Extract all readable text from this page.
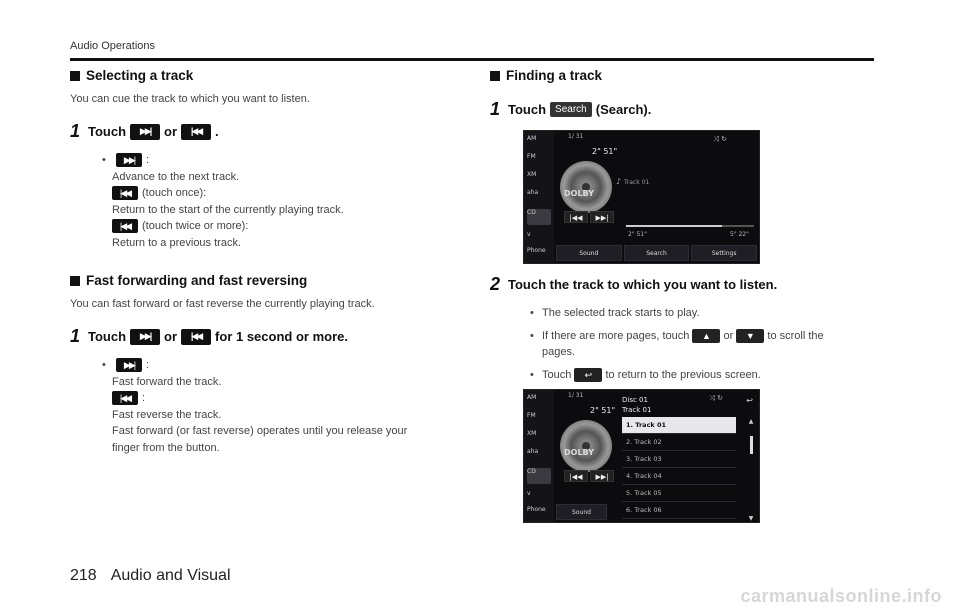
Audio Operations
Selecting a track
You can cue the track to which you want to listen.
1 Touch	▶▶|	or	|◀◀	.
•	▶▶|	:
Advance to the next track.
|◀◀	(touch once):
Return to the start of the currently playing track.
|◀◀	(touch twice or more):
Return to a previous track.
Fast forwarding and fast reversing
You can fast forward or fast reverse the currently playing track.
1 Touch	▶▶|	or	|◀◀	for 1 second or more.
•	▶▶|	:
Fast forward the track.
|◀◀	:
Fast reverse the track.
Fast forward (or fast reverse) operates until you release your
finger from the button.
Finding a track
1 Touch Search (Search).
AM
FM
XM
aha
CD
v
Phone
1/ 31
2" 51"
⤨ ↻
DOLBY
♪ Track 01
|◀◀	▶▶|
2" 51"	5" 22"
Sound	Search	Settings
2 Touch the track to which you want to listen.
• The selected track starts to play.
• If there are more pages, touch ▲ or ▼ to scroll the
pages.
• Touch ↩ to return to the previous screen.
AM
FM
XM
aha
CD
v
Phone
1/ 31
2" 51"
DOLBY
|◀◀	▶▶|
Disc 01
Track 01
⤨ ↻	↩
1. Track 01
2. Track 02
3. Track 03
4. Track 04
5. Track 05
6. Track 06
▲
▼
Sound
218 Audio and Visual
carmanualsonline.info
